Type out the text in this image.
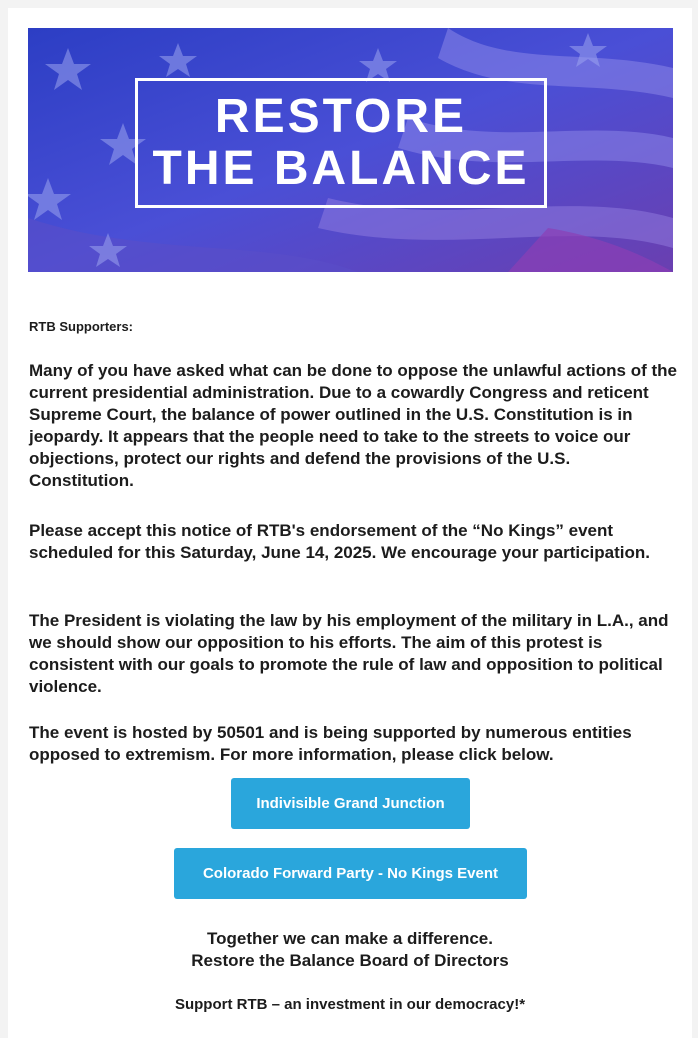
RESTORE
THE BALANCE
RTB Supporters:

Many of you have asked what can be done to oppose the unlawful actions of the current presidential administration. Due to a cowardly Congress and reticent Supreme Court, the balance of power outlined in the U.S. Constitution is in jeopardy. It appears that the people need to take to the streets to voice our objections, protect our rights and defend the provisions of the U.S. Constitution.

Please accept this notice of RTB's endorsement of the “No Kings” event scheduled for this Saturday, June 14, 2025. We encourage your participation.

The President is violating the law by his employment of the military in L.A., and we should show our opposition to his efforts. The aim of this protest is consistent with our goals to promote the rule of law and opposition to political violence.

The event is hosted by 50501 and is being supported by numerous entities opposed to extremism. For more information, please click below.

Indivisible Grand Junction
Colorado Forward Party - No Kings Event
Together we can make a difference.
Restore the Balance Board of Directors
Support RTB – an investment in our democracy!*
